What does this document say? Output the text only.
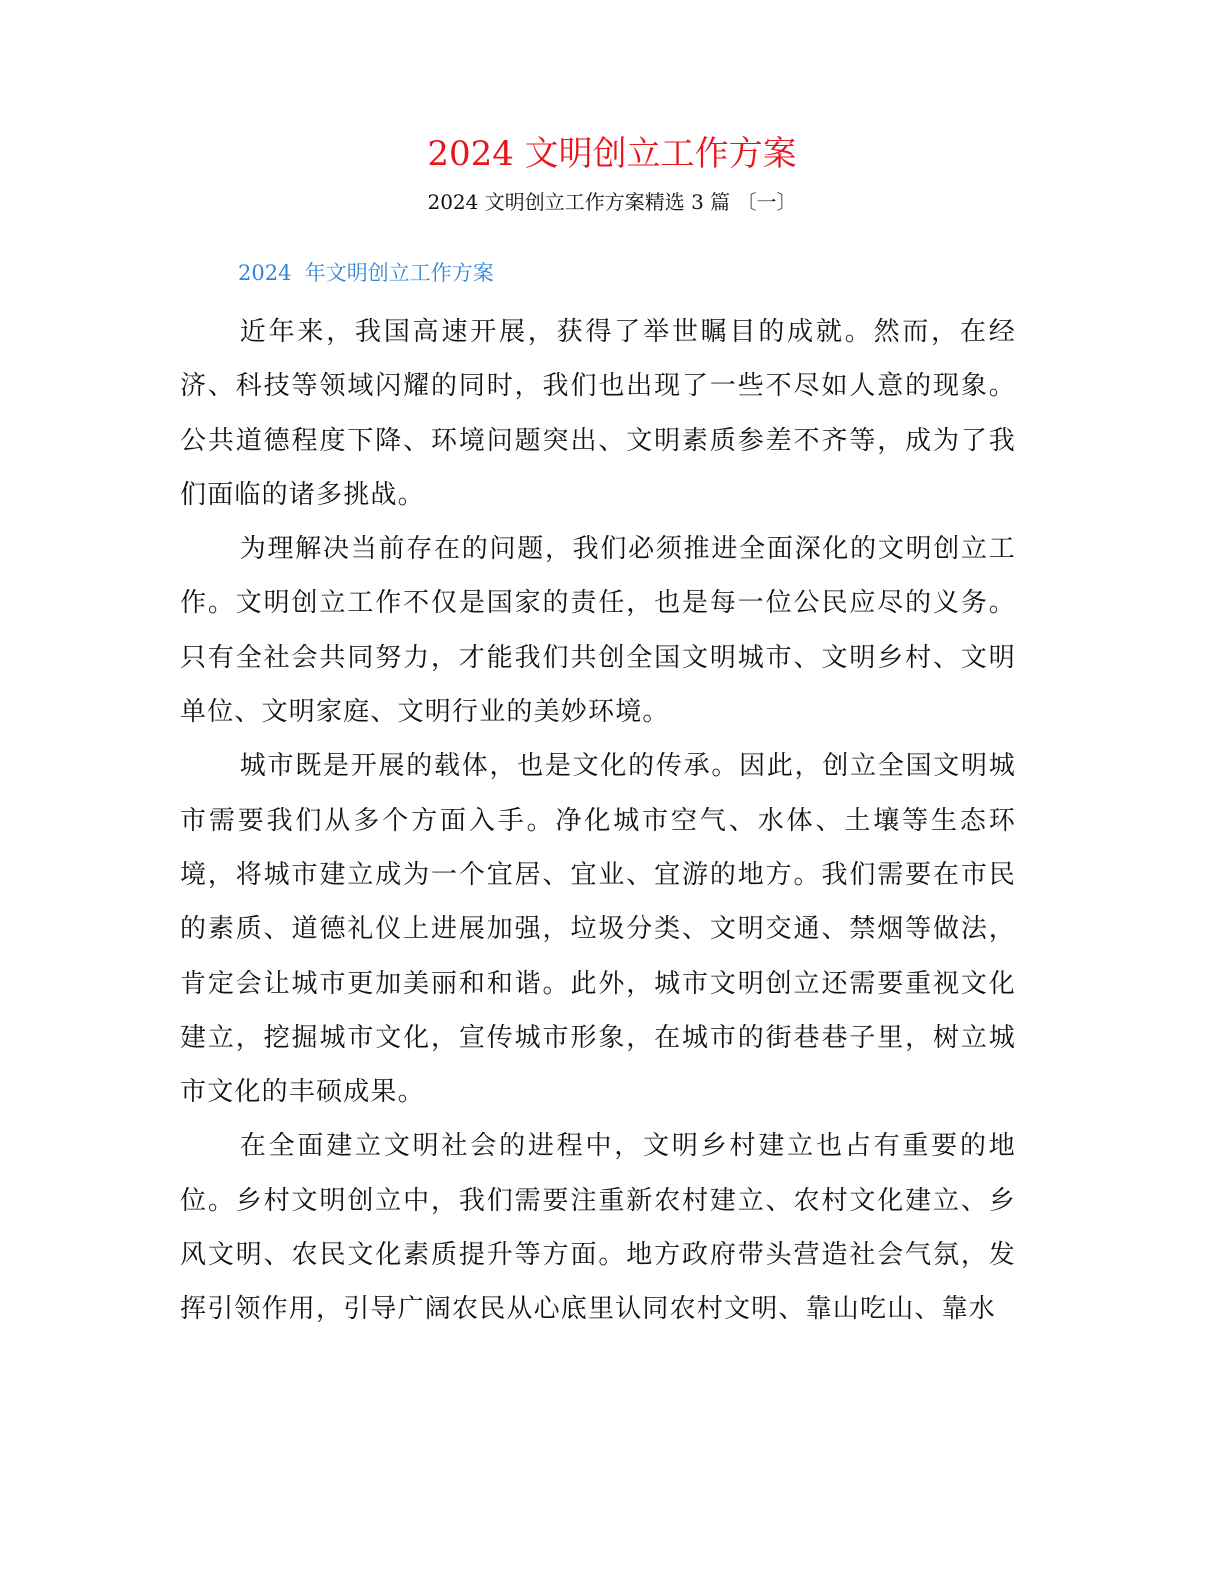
2024 文明创立工作方案

2024 文明创立工作方案精选 3 篇 〔一〕

2024  年文明创立工作方案

近年来，我国高速开展，获得了举世瞩目的成就。然而，在经济、科技等领域闪耀的同时，我们也出现了一些不尽如人意的现象。公共道德程度下降、环境问题突出、文明素质参差不齐等，成为了我们面临的诸多挑战。

为理解决当前存在的问题，我们必须推进全面深化的文明创立工作。文明创立工作不仅是国家的责任，也是每一位公民应尽的义务。只有全社会共同努力，才能我们共创全国文明城市、文明乡村、文明单位、文明家庭、文明行业的美妙环境。

城市既是开展的载体，也是文化的传承。因此，创立全国文明城市需要我们从多个方面入手。净化城市空气、水体、土壤等生态环境，将城市建立成为一个宜居、宜业、宜游的地方。我们需要在市民的素质、道德礼仪上进展加强，垃圾分类、文明交通、禁烟等做法，肯定会让城市更加美丽和和谐。此外，城市文明创立还需要重视文化建立，挖掘城市文化，宣传城市形象，在城市的街巷巷子里，树立城市文化的丰硕成果。

在全面建立文明社会的进程中，文明乡村建立也占有重要的地位。乡村文明创立中，我们需要注重新农村建立、农村文化建立、乡风文明、农民文化素质提升等方面。地方政府带头营造社会气氛，发挥引领作用，引导广阔农民从心底里认同农村文明、靠山吃山、靠水
